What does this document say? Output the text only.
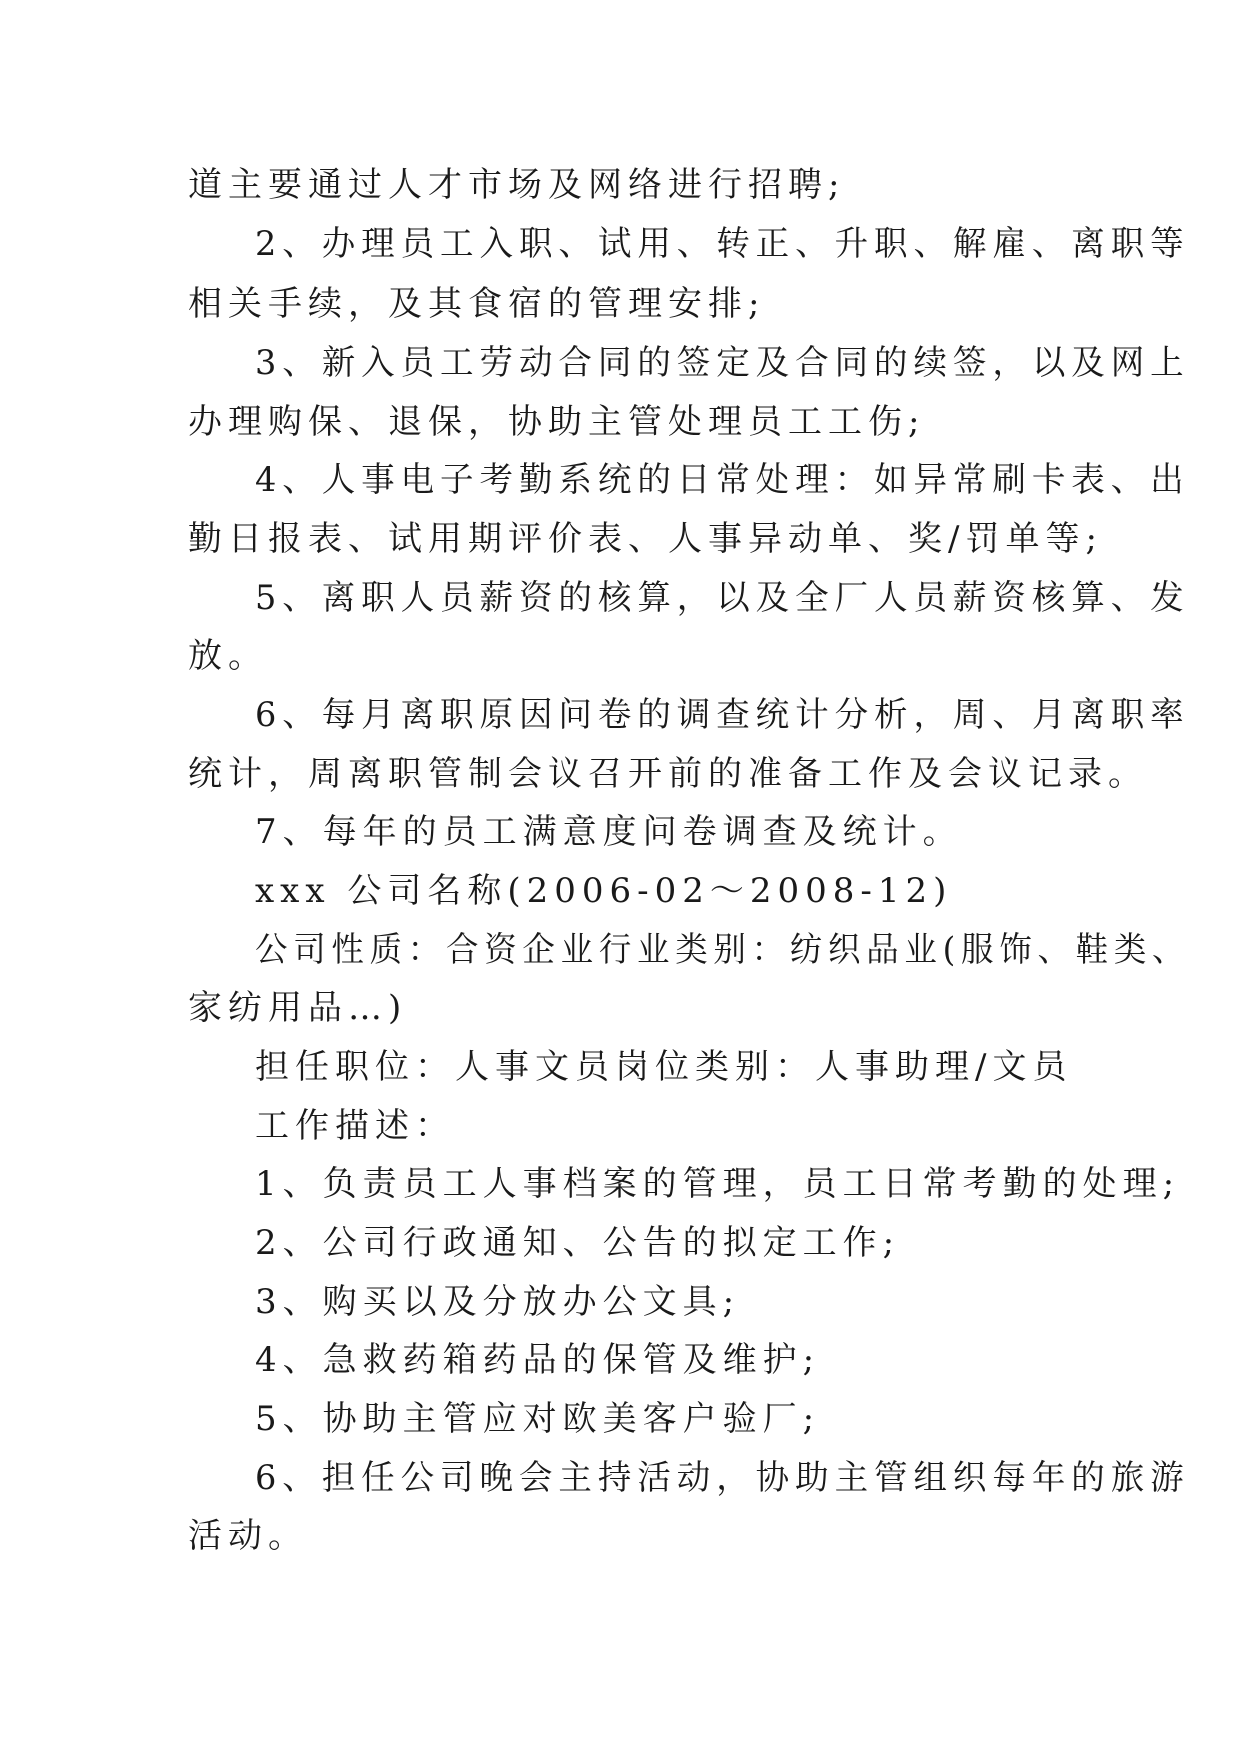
道主要通过人才市场及网络进行招聘;
2、办理员工入职、试用、转正、升职、解雇、离职等
相关手续，及其食宿的管理安排;
3、新入员工劳动合同的签定及合同的续签，以及网上
办理购保、退保，协助主管处理员工工伤;
4、人事电子考勤系统的日常处理：如异常刷卡表、出
勤日报表、试用期评价表、人事异动单、奖/罚单等;
5、离职人员薪资的核算，以及全厂人员薪资核算、发
放。
6、每月离职原因问卷的调查统计分析，周、月离职率
统计，周离职管制会议召开前的准备工作及会议记录。
7、每年的员工满意度问卷调查及统计。
xxx 公司名称(2006-02～2008-12)
公司性质：合资企业行业类别：纺织品业(服饰、鞋类、
家纺用品…)
担任职位：人事文员岗位类别：人事助理/文员
工作描述：
1、负责员工人事档案的管理，员工日常考勤的处理;
2、公司行政通知、公告的拟定工作;
3、购买以及分放办公文具;
4、急救药箱药品的保管及维护;
5、协助主管应对欧美客户验厂;
6、担任公司晚会主持活动，协助主管组织每年的旅游
活动。
